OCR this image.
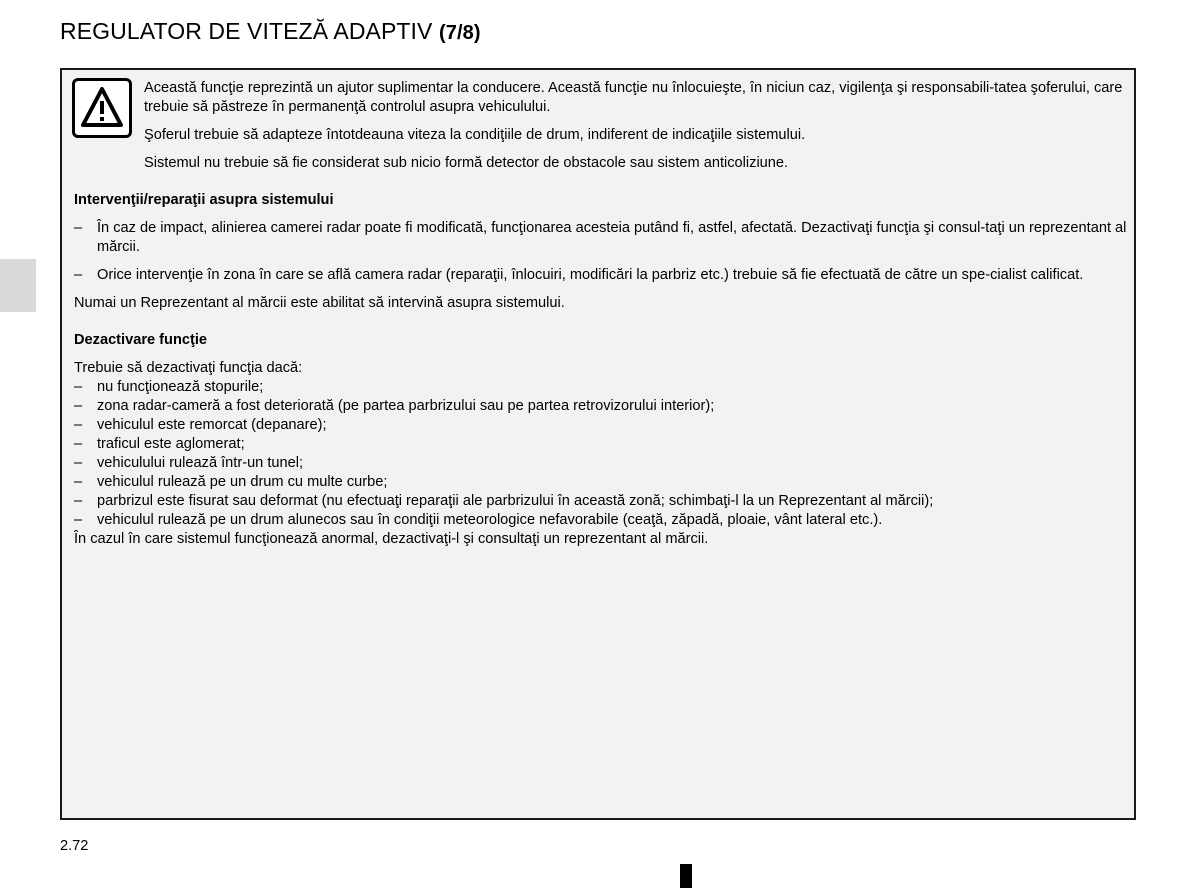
REGULATOR DE VITEZĂ ADAPTIV (7/8)

Această funcţie reprezintă un ajutor suplimentar la conducere. Această funcţie nu înlocuieşte, în niciun caz, vigilenţa şi responsabili-tatea şoferului, care trebuie să păstreze în permanenţă controlul asupra vehiculului.

Şoferul trebuie să adapteze întotdeauna viteza la condiţiile de drum, indiferent de indicaţiile sistemului.

Sistemul nu trebuie să fie considerat sub nicio formă detector de obstacole sau sistem anticoliziune.

Intervenţii/reparaţii asupra sistemului

– În caz de impact, alinierea camerei radar poate fi modificată, funcţionarea acesteia putând fi, astfel, afectată. Dezactivaţi funcţia şi consul-taţi un reprezentant al mărcii.
– Orice intervenţie în zona în care se află camera radar (reparaţii, înlocuiri, modificări la parbriz etc.) trebuie să fie efectuată de către un spe-cialist calificat.

Numai un Reprezentant al mărcii este abilitat să intervină asupra sistemului.

Dezactivare funcţie

Trebuie să dezactivaţi funcţia dacă:

– nu funcţionează stopurile;
– zona radar-cameră a fost deteriorată (pe partea parbrizului sau pe partea retrovizorului interior);
– vehiculul este remorcat (depanare);
– traficul este aglomerat;
– vehiculului rulează într-un tunel;
– vehiculul rulează pe un drum cu multe curbe;
– parbrizul este fisurat sau deformat (nu efectuaţi reparaţii ale parbrizului în această zonă; schimbaţi-l la un Reprezentant al mărcii);
– vehiculul rulează pe un drum alunecos sau în condiţii meteorologice nefavorabile (ceaţă, zăpadă, ploaie, vânt lateral etc.).

În cazul în care sistemul funcţionează anormal, dezactivaţi-l şi consultaţi un reprezentant al mărcii.

2.72
